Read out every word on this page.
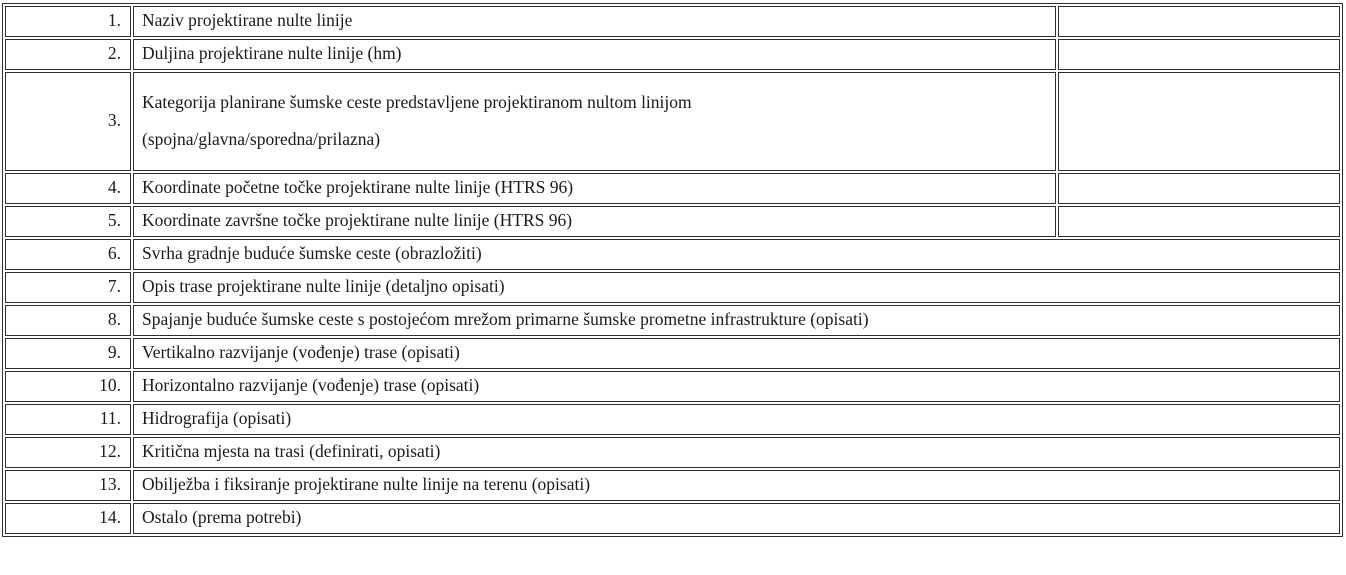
1.	Naziv projektirane nulte linije	
2.	Duljina projektirane nulte linije (hm)	
3.	Kategorija planirane šumske ceste predstavljene projektiranom nultom linijom
(spojna/glavna/sporedna/prilazna)	

4.	Koordinate početne točke projektirane nulte linije (HTRS 96)	
5.	Koordinate završne točke projektirane nulte linije (HTRS 96)	
6.	Svrha gradnje buduće šumske ceste (obrazložiti)	
7.	Opis trase projektirane nulte linije (detaljno opisati)	
8.	Spajanje buduće šumske ceste s postojećom mrežom primarne šumske prometne infrastrukture (opisati)	
9.	Vertikalno razvijanje (vođenje) trase (opisati)	
10.	Horizontalno razvijanje (vođenje) trase (opisati)	
11.	Hidrografija (opisati)	
12.	Kritična mjesta na trasi (definirati, opisati)	
13.	Obilježba i fiksiranje projektirane nulte linije na terenu (opisati)	
14.	Ostalo (prema potrebi)	
